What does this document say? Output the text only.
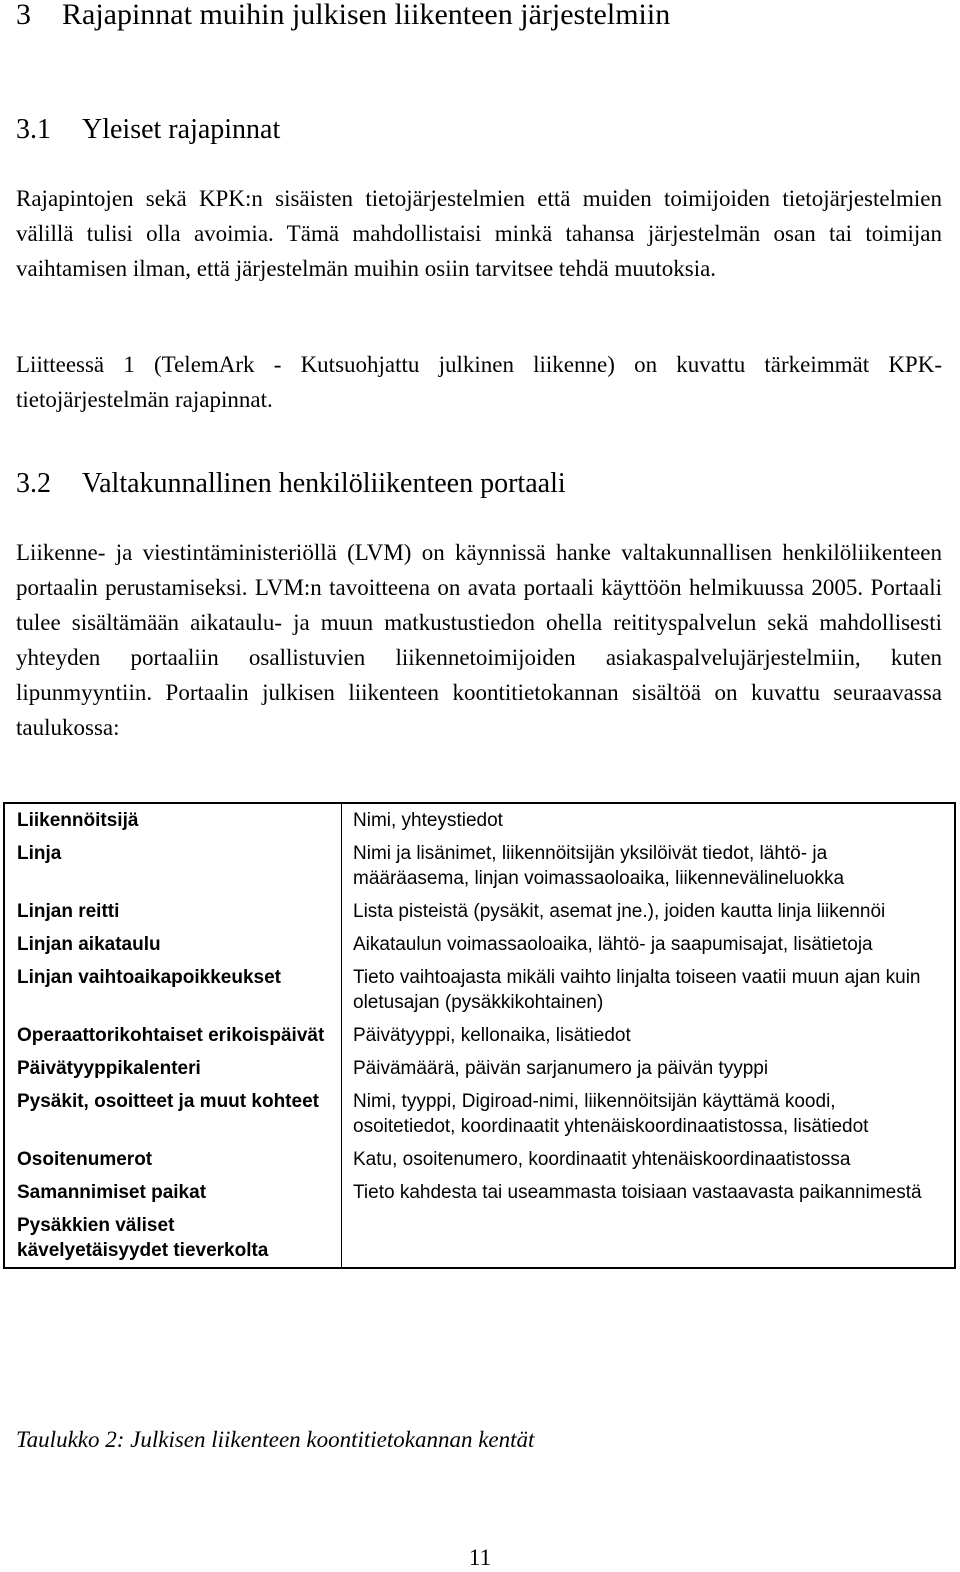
3 Rajapinnat muihin julkisen liikenteen järjestelmiin
3.1 Yleiset rajapinnat

Rajapintojen sekä KPK:n sisäisten tietojärjestelmien että muiden toimijoiden tietojärjestelmien välillä tulisi olla avoimia. Tämä mahdollistaisi minkä tahansa järjestelmän osan tai toimijan vaihtamisen ilman, että järjestelmän muihin osiin tarvitsee tehdä muutoksia.

Liitteessä 1 (TelemArk - Kutsuohjattu julkinen liikenne) on kuvattu tärkeimmät KPK-tietojärjestelmän rajapinnat.

3.2 Valtakunnallinen henkilöliikenteen portaali

Liikenne- ja viestintäministeriöllä (LVM) on käynnissä hanke valtakunnallisen henkilöliikenteen portaalin perustamiseksi. LVM:n tavoitteena on avata portaali käyttöön helmikuussa 2005. Portaali tulee sisältämään aikataulu- ja muun matkustustiedon ohella reitityspalvelun sekä mahdollisesti yhteyden portaaliin osallistuvien liikennetoimijoiden asiakaspalvelujärjestelmiin, kuten lipunmyyntiin. Portaalin julkisen liikenteen koontitietokannan sisältöä on kuvattu seuraavassa taulukossa:

Liikennöitsijä	Nimi, yhteystiedot
Linja	Nimi ja lisänimet, liikennöitsijän yksilöivät tiedot, lähtö- ja määräasema, linjan voimassaoloaika, liikennevälineluokka
Linjan reitti	Lista pisteistä (pysäkit, asemat jne.), joiden kautta linja liikennöi
Linjan aikataulu	Aikataulun voimassaoloaika, lähtö- ja saapumisajat, lisätietoja
Linjan vaihtoaikapoikkeukset	Tieto vaihtoajasta mikäli vaihto linjalta toiseen vaatii muun ajan kuin oletusajan (pysäkkikohtainen)
Operaattorikohtaiset erikoispäivät	Päivätyyppi, kellonaika, lisätiedot
Päivätyyppikalenteri	Päivämäärä, päivän sarjanumero ja päivän tyyppi
Pysäkit, osoitteet ja muut kohteet	Nimi, tyyppi, Digiroad-nimi, liikennöitsijän käyttämä koodi, osoitetiedot, koordinaatit yhtenäiskoordinaatistossa, lisätiedot
Osoitenumerot	Katu, osoitenumero, koordinaatit yhtenäiskoordinaatistossa
Samannimiset paikat	Tieto kahdesta tai useammasta toisiaan vastaavasta paikannimestä
Pysäkkien väliset kävelyetäisyydet tieverkolta	

Taulukko 2: Julkisen liikenteen koontitietokannan kentät

11
